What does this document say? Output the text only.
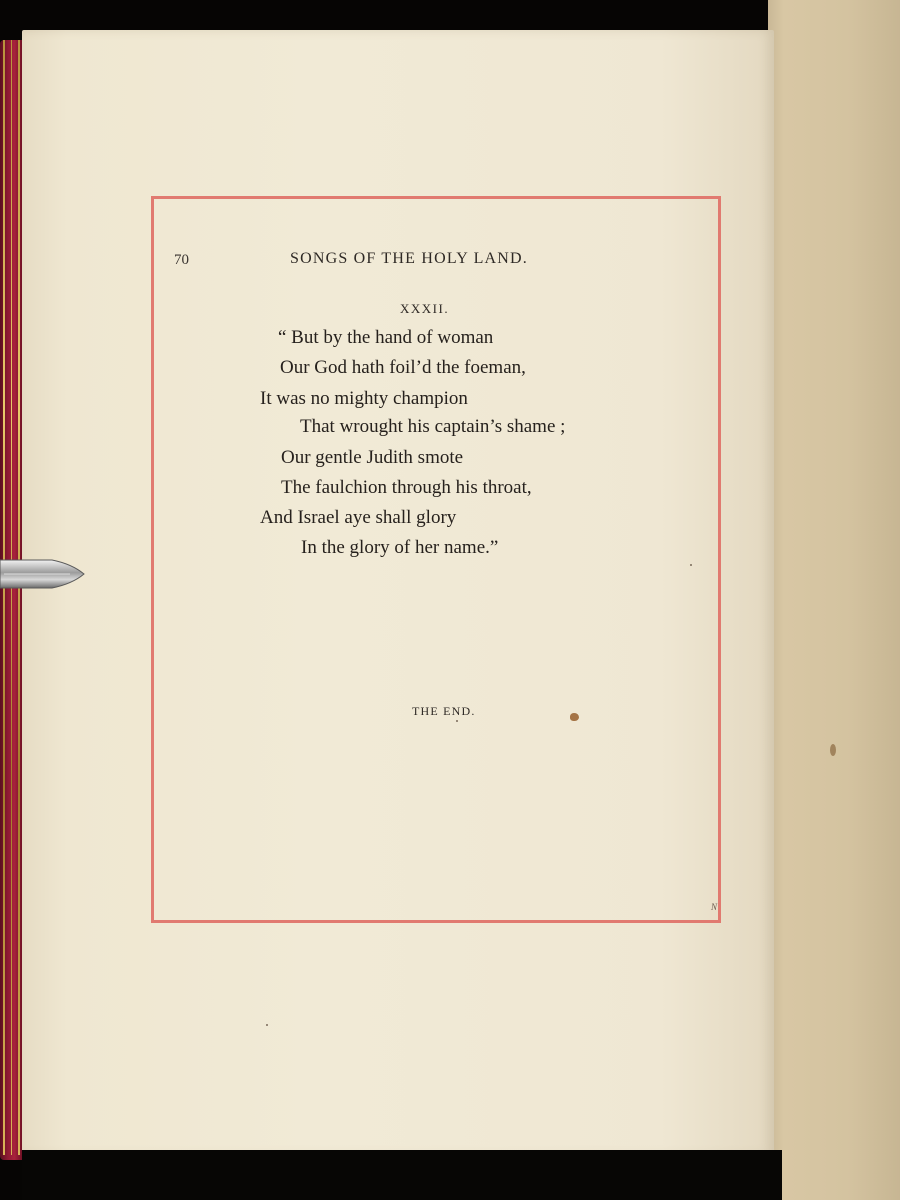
70	SONGS OF THE HOLY LAND.
XXXII.
“ But by the hand of woman
Our God hath foil’d the foeman,
It was no mighty champion
That wrought his captain’s shame ;
Our gentle Judith smote
The faulchion through his throat,
And Israel aye shall glory
In the glory of her name.”
THE END.
N
